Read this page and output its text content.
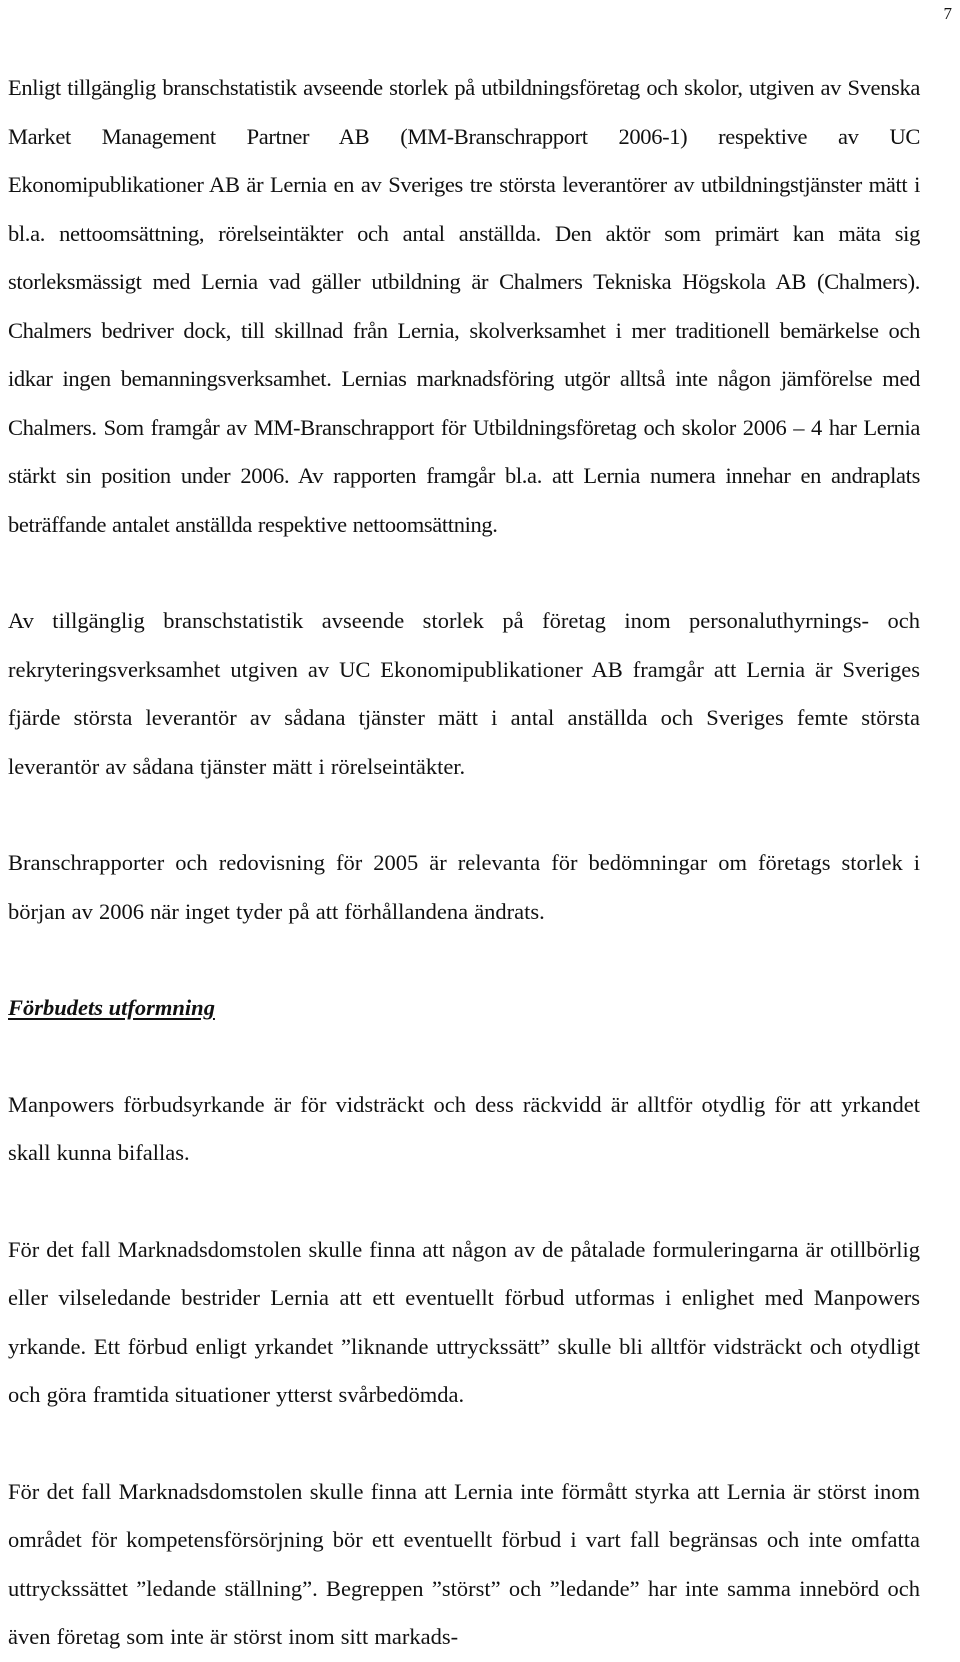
7

Enligt tillgänglig branschstatistik avseende storlek på utbildningsföretag och skolor, utgiven av Svenska Market Management Partner AB (MM-Branschrapport 2006-1) respektive av UC Ekonomipublikationer AB är Lernia en av Sveriges tre största leverantörer av utbildningstjänster mätt i bl.a. nettoomsättning, rörelseintäkter och antal anställda. Den aktör som primärt kan mäta sig storleksmässigt med Lernia vad gäller utbildning är Chalmers Tekniska Högskola AB (Chalmers). Chalmers bedriver dock, till skillnad från Lernia, skolverksamhet i mer traditionell bemärkelse och idkar ingen bemanningsverksamhet. Lernias marknadsföring utgör alltså inte någon jämförelse med Chalmers. Som framgår av MM-Branschrapport för Utbildningsföretag och skolor 2006 – 4 har Lernia stärkt sin position under 2006. Av rapporten framgår bl.a. att Lernia numera innehar en andraplats beträffande antalet anställda respektive nettoomsättning.

Av tillgänglig branschstatistik avseende storlek på företag inom personaluthyrnings- och rekryteringsverksamhet utgiven av UC Ekonomipublikationer AB framgår att Lernia är Sveriges fjärde största leverantör av sådana tjänster mätt i antal anställda och Sveriges femte största leverantör av sådana tjänster mätt i rörelseintäkter.

Branschrapporter och redovisning för 2005 är relevanta för bedömningar om företags storlek i början av 2006 när inget tyder på att förhållandena ändrats.

Förbudets utformning

Manpowers förbudsyrkande är för vidsträckt och dess räckvidd är alltför otydlig för att yrkandet skall kunna bifallas.

För det fall Marknadsdomstolen skulle finna att någon av de påtalade formuleringarna är otillbörlig eller vilseledande bestrider Lernia att ett eventuellt förbud utformas i enlighet med Manpowers yrkande. Ett förbud enligt yrkandet ”liknande uttryckssätt” skulle bli alltför vidsträckt och otydligt och göra framtida situationer ytterst svårbedömda.

För det fall Marknadsdomstolen skulle finna att Lernia inte förmått styrka att Lernia är störst inom området för kompetensförsörjning bör ett eventuellt förbud i vart fall begränsas och inte omfatta uttryckssättet ”ledande ställning”. Begreppen ”störst” och ”ledande” har inte samma innebörd och även företag som inte är störst inom sitt markads-
